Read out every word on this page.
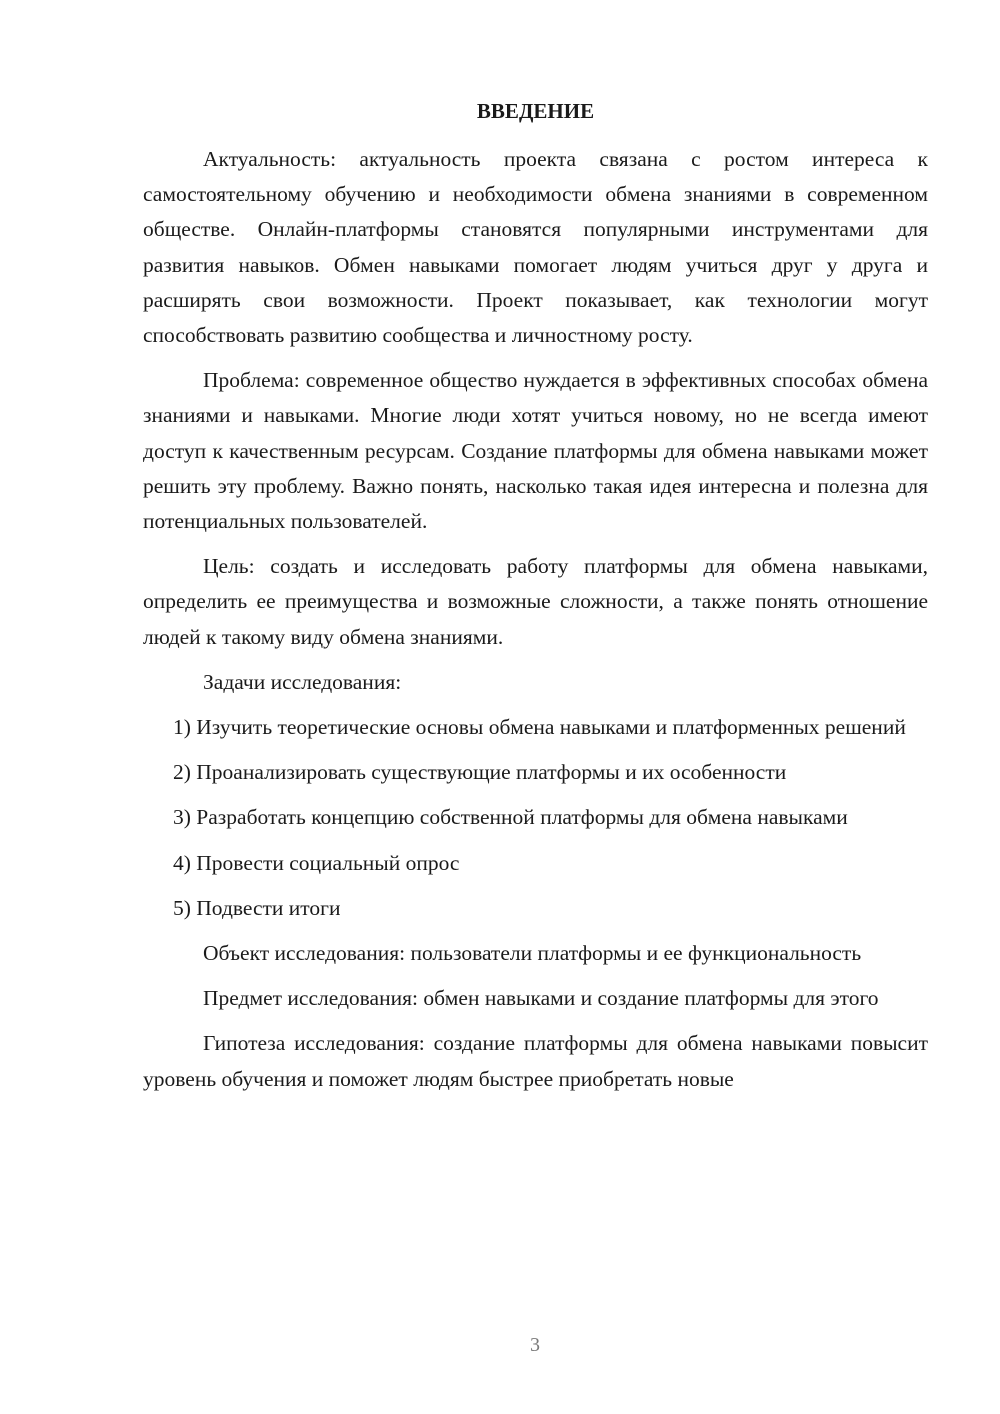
ВВЕДЕНИЕ

Актуальность: актуальность проекта связана с ростом интереса к самостоятельному обучению и необходимости обмена знаниями в современном обществе. Онлайн-платформы становятся популярными инструментами для развития навыков. Обмен навыками помогает людям учиться друг у друга и расширять свои возможности. Проект показывает, как технологии могут способствовать развитию сообщества и личностному росту.

Проблема: современное общество нуждается в эффективных способах обмена знаниями и навыками. Многие люди хотят учиться новому, но не всегда имеют доступ к качественным ресурсам. Создание платформы для обмена навыками может решить эту проблему. Важно понять, насколько такая идея интересна и полезна для потенциальных пользователей.

Цель: создать и исследовать работу платформы для обмена навыками, определить ее преимущества и возможные сложности, а также понять отношение людей к такому виду обмена знаниями.

Задачи исследования:

1) Изучить теоретические основы обмена навыками и платформенных решений

2) Проанализировать существующие платформы и их особенности

3) Разработать концепцию собственной платформы для обмена навыками

4) Провести социальный опрос

5) Подвести итоги

Объект исследования: пользователи платформы и ее функциональность

Предмет исследования: обмен навыками и создание платформы для этого

Гипотеза исследования: создание платформы для обмена навыками повысит уровень обучения и поможет людям быстрее приобретать новые

3
